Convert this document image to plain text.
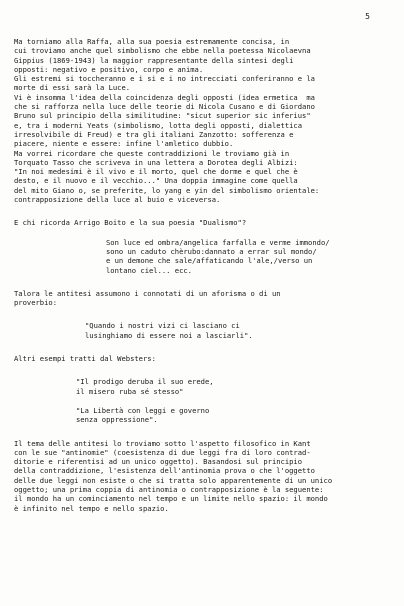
5

Ma torniamo alla Raffa, alla sua poesia estremamente concisa, in
cui troviamo anche quel simbolismo che ebbe nella poetessa Nicolaevna
Gippius (1869-1943) la maggior rappresentante della sintesi degli
opposti: negativo e positivo, corpo e anima.
Gli estremi si toccheranno e i si e i no intrecciati conferiranno e la
morte di essi sarà la Luce.
Vi è insomma l'idea della coincidenza degli opposti (idea ermetica  ma
che si rafforza nella luce delle teorie di Nicola Cusano e di Giordano
Bruno sul principio della similitudine: "sicut superior sic inferius"
e, tra i moderni Yeats (simbolismo, lotta degli opposti, dialettica
irresolvibile di Freud) e tra gli italiani Zanzotto: sofferenza e
piacere, niente e essere: infine l'amletico dubbio.
Ma vorrei ricordare che queste contraddizioni le troviamo già in
Torquato Tasso che scriveva in una lettera a Dorotea degli Albizi:
"In noi medesimi è il vivo e il morto, quel che dorme e quel che è
desto, e il nuovo e il vecchio..." Una doppia immagine come quella
del mito Giano o, se preferite, lo yang e yin del simbolismo orientale:
contrapposizione della luce al buio e viceversa.

E chi ricorda Arrigo Boito e la sua poesia "Dualismo"?

Son luce ed ombra/angelica farfalla e verme immondo/
sono un caduto chèrubo:dannato a errar sul mondo/
e un demone che sale/affaticando l'ale,/verso un
lontano ciel... ecc.

Talora le antitesi assumono i connotati di un aforisma o di un
proverbio:

"Quando i nostri vizi ci lasciano ci
lusinghiamo di essere noi a lasciarli".

Altri esempi tratti dal Websters:

"Il prodigo deruba il suo erede,
il misero ruba sé stesso"

"La Libertà con leggi e governo
senza oppressione".

Il tema delle antitesi lo troviamo sotto l'aspetto filosofico in Kant
con le sue "antinomie" (coesistenza di due leggi fra di loro contrad-
ditorie e riferentisi ad un unico oggetto). Basandosi sul principio
della contraddizione, l'esistenza dell'antinomia prova o che l'oggetto
delle due leggi non esiste o che si tratta solo apparentemente di un unico
oggetto; una prima coppia di antinomia o contrapposizione è la seguente:
il mondo ha un cominciamento nel tempo e un limite nello spazio: il mondo
è infinito nel tempo e nello spazio.
